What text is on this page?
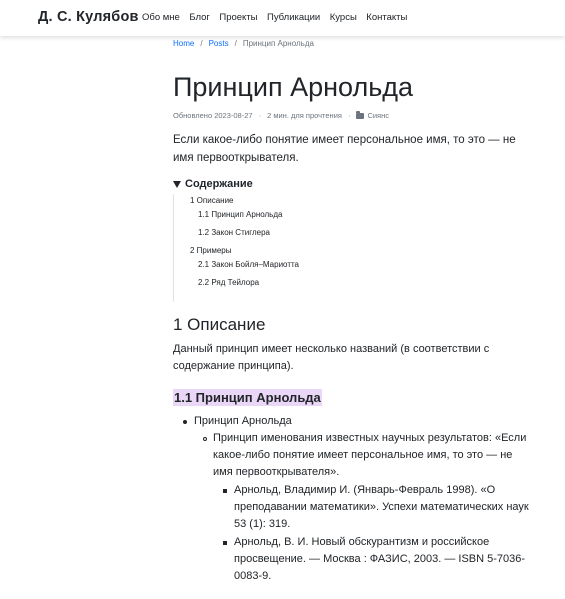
Д. С. Кулябов Обо мне Блог Проекты Публикации Курсы Контакты
Home / Posts / Принцип Арнольда
Принцип Арнольда
Обновлено 2023-08-27 · 2 мин. для прочтения · Сиянс

Если какое-либо понятие имеет персональное имя, то это — не имя первооткрывателя.

Содержание
1 Описание
1.1 Принцип Арнольда
1.2 Закон Стиглера
2 Примеры
2.1 Закон Бойля–Мариотта
2.2 Ряд Тейлора
1 Описание

Данный принцип имеет несколько названий (в соответствии с содержание принципа).

1.1 Принцип Арнольда
Принцип Арнольда
Принцип именования известных научных результатов: «Если какое-либо понятие имеет персональное имя, то это — не имя первооткрывателя».
Арнольд, Владимир И. (Январь-Февраль 1998). «О преподавании математики». Успехи математических наук 53 (1): 319.
Арнольд, В. И. Новый обскурантизм и российское просвещение. — Москва : ФАЗИС, 2003. — ISBN 5-7036-0083-9.
